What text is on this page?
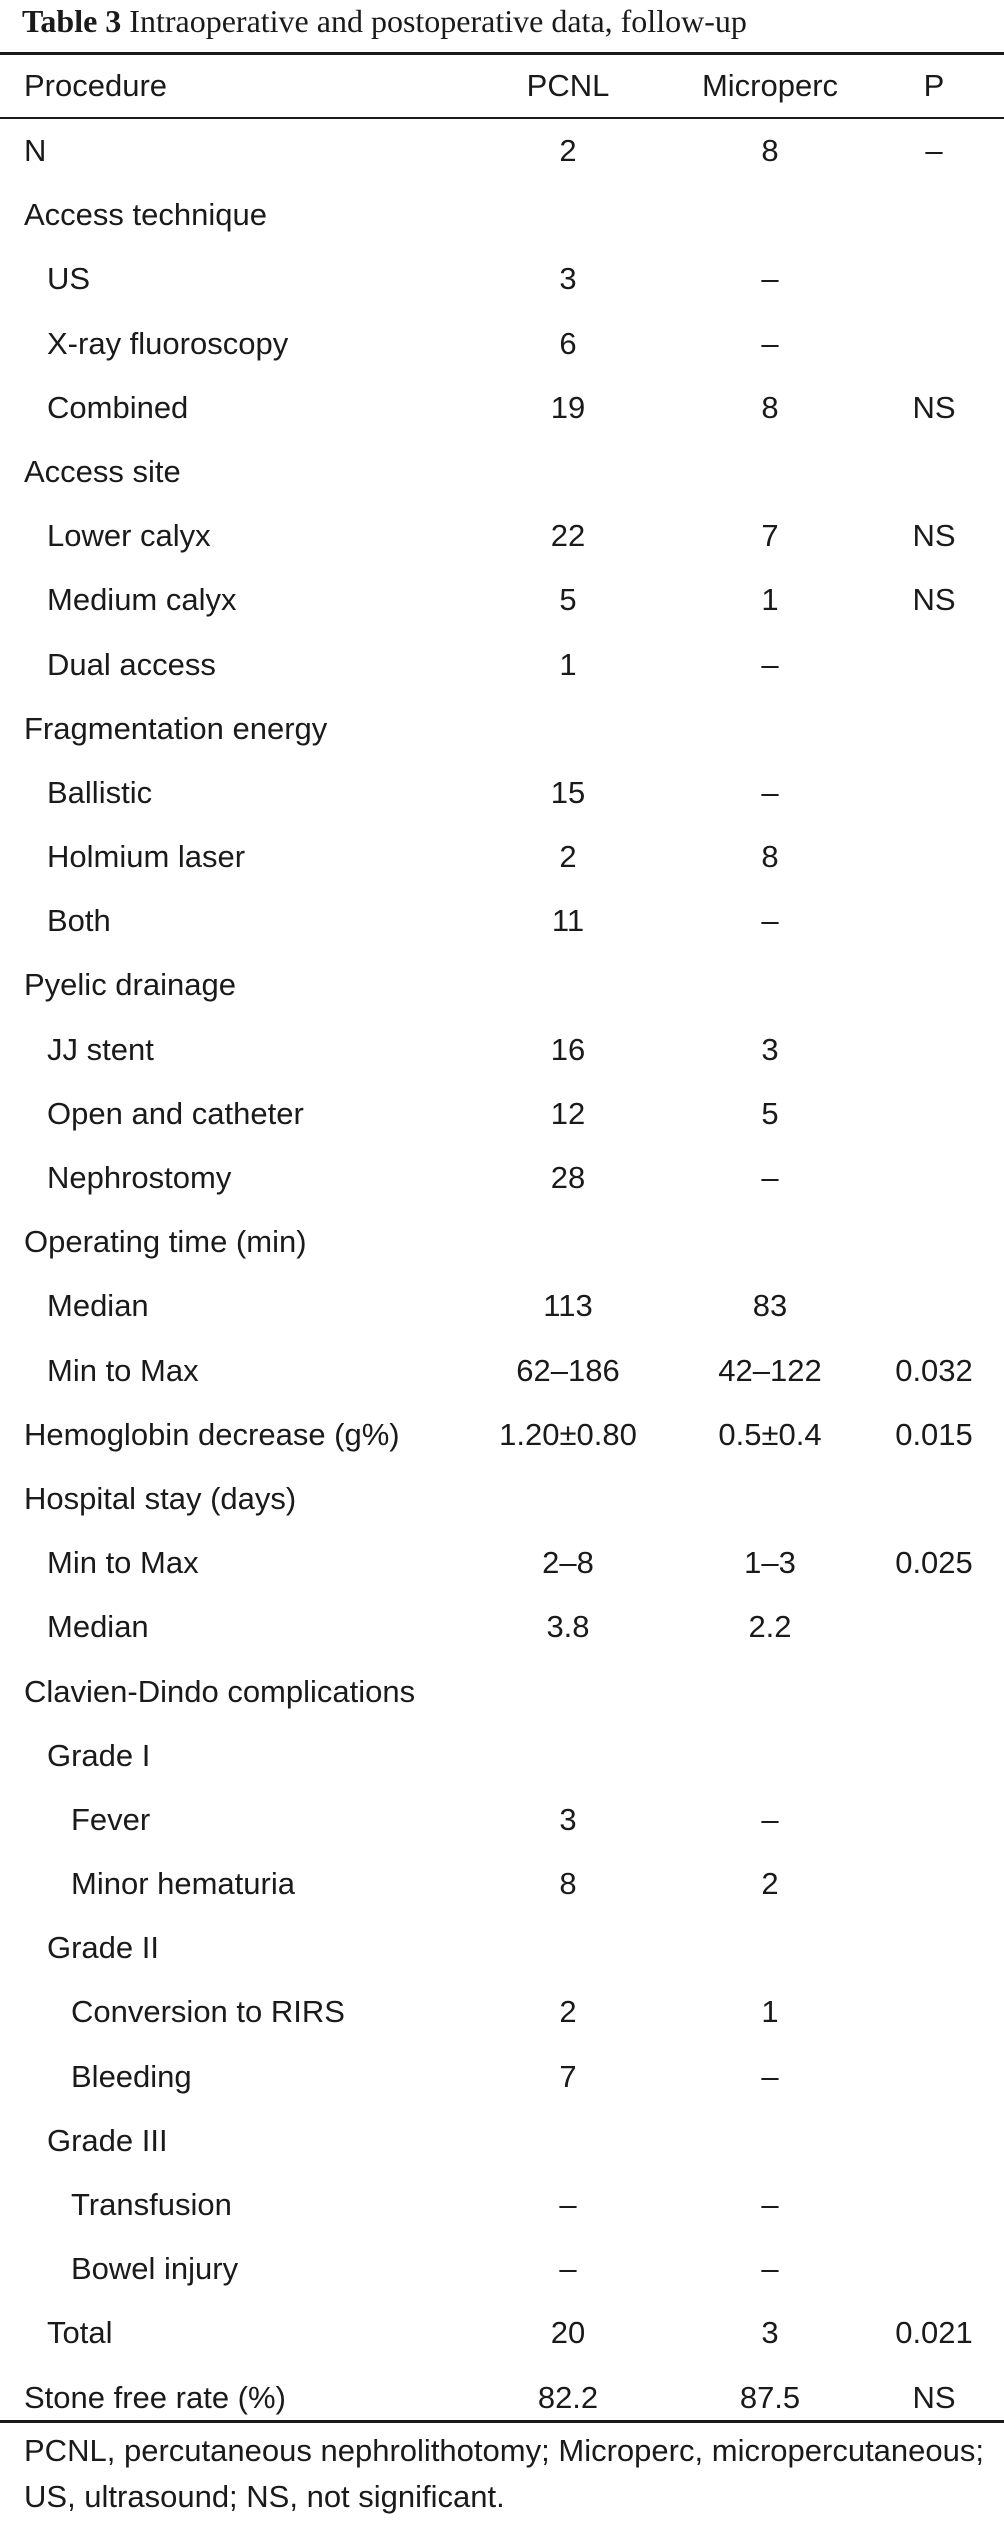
Table 3 Intraoperative and postoperative data, follow-up
Procedure	PCNL	Microperc	P
N	2	8	–
Access technique
US	3	–
X-ray fluoroscopy	6	–
Combined	19	8	NS
Access site
Lower calyx	22	7	NS
Medium calyx	5	1	NS
Dual access	1	–
Fragmentation energy
Ballistic	15	–
Holmium laser	2	8
Both	11	–
Pyelic drainage
JJ stent	16	3
Open and catheter	12	5
Nephrostomy	28	–
Operating time (min)
Median	113	83
Min to Max	62–186	42–122	0.032
Hemoglobin decrease (g%)	1.20±0.80	0.5±0.4	0.015
Hospital stay (days)
Min to Max	2–8	1–3	0.025
Median	3.8	2.2
Clavien-Dindo complications
Grade I
Fever	3	–
Minor hematuria	8	2
Grade II
Conversion to RIRS	2	1
Bleeding	7	–
Grade III
Transfusion	–	–
Bowel injury	–	–
Total	20	3	0.021
Stone free rate (%)	82.2	87.5	NS
PCNL, percutaneous nephrolithotomy; Microperc, micropercutaneous; US, ultrasound; NS, not significant.
